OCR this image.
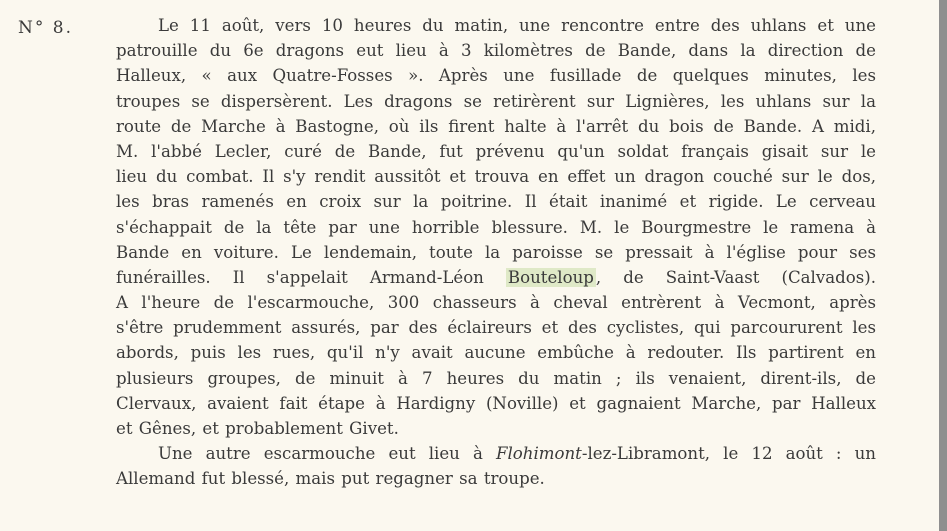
N° 8.	Le 11 août, vers 10 heures du matin, une rencontre entre des uhlans et une
patrouille du 6e dragons eut lieu à 3 kilomètres de Bande, dans la direction de
Halleux, « aux Quatre-Fosses ». Après une fusillade de quelques minutes, les
troupes se dispersèrent. Les dragons se retirèrent sur Lignières, les uhlans sur la
route de Marche à Bastogne, où ils firent halte à l'arrêt du bois de Bande. A midi,
M. l'abbé Lecler, curé de Bande, fut prévenu qu'un soldat français gisait sur le
lieu du combat. Il s'y rendit aussitôt et trouva en effet un dragon couché sur le dos,
les bras ramenés en croix sur la poitrine. Il était inanimé et rigide. Le cerveau
s'échappait de la tête par une horrible blessure. M. le Bourgmestre le ramena à
Bande en voiture. Le lendemain, toute la paroisse se pressait à l'église pour ses
funérailles. Il s'appelait Armand-Léon Bouteloup , de Saint-Vaast (Calvados).
A l'heure de l'escarmouche, 300 chasseurs à cheval entrèrent à Vecmont, après
s'être prudemment assurés, par des éclaireurs et des cyclistes, qui parcoururent les
abords, puis les rues, qu'il n'y avait aucune embûche à redouter. Ils partirent en
plusieurs groupes, de minuit à 7 heures du matin ; ils venaient, dirent-ils, de
Clervaux, avaient fait étape à Hardigny (Noville) et gagnaient Marche, par Halleux
et Gênes, et probablement Givet.
Une autre escarmouche eut lieu à Flohimont-lez-Libramont, le 12 août : un
Allemand fut blessé, mais put regagner sa troupe.
